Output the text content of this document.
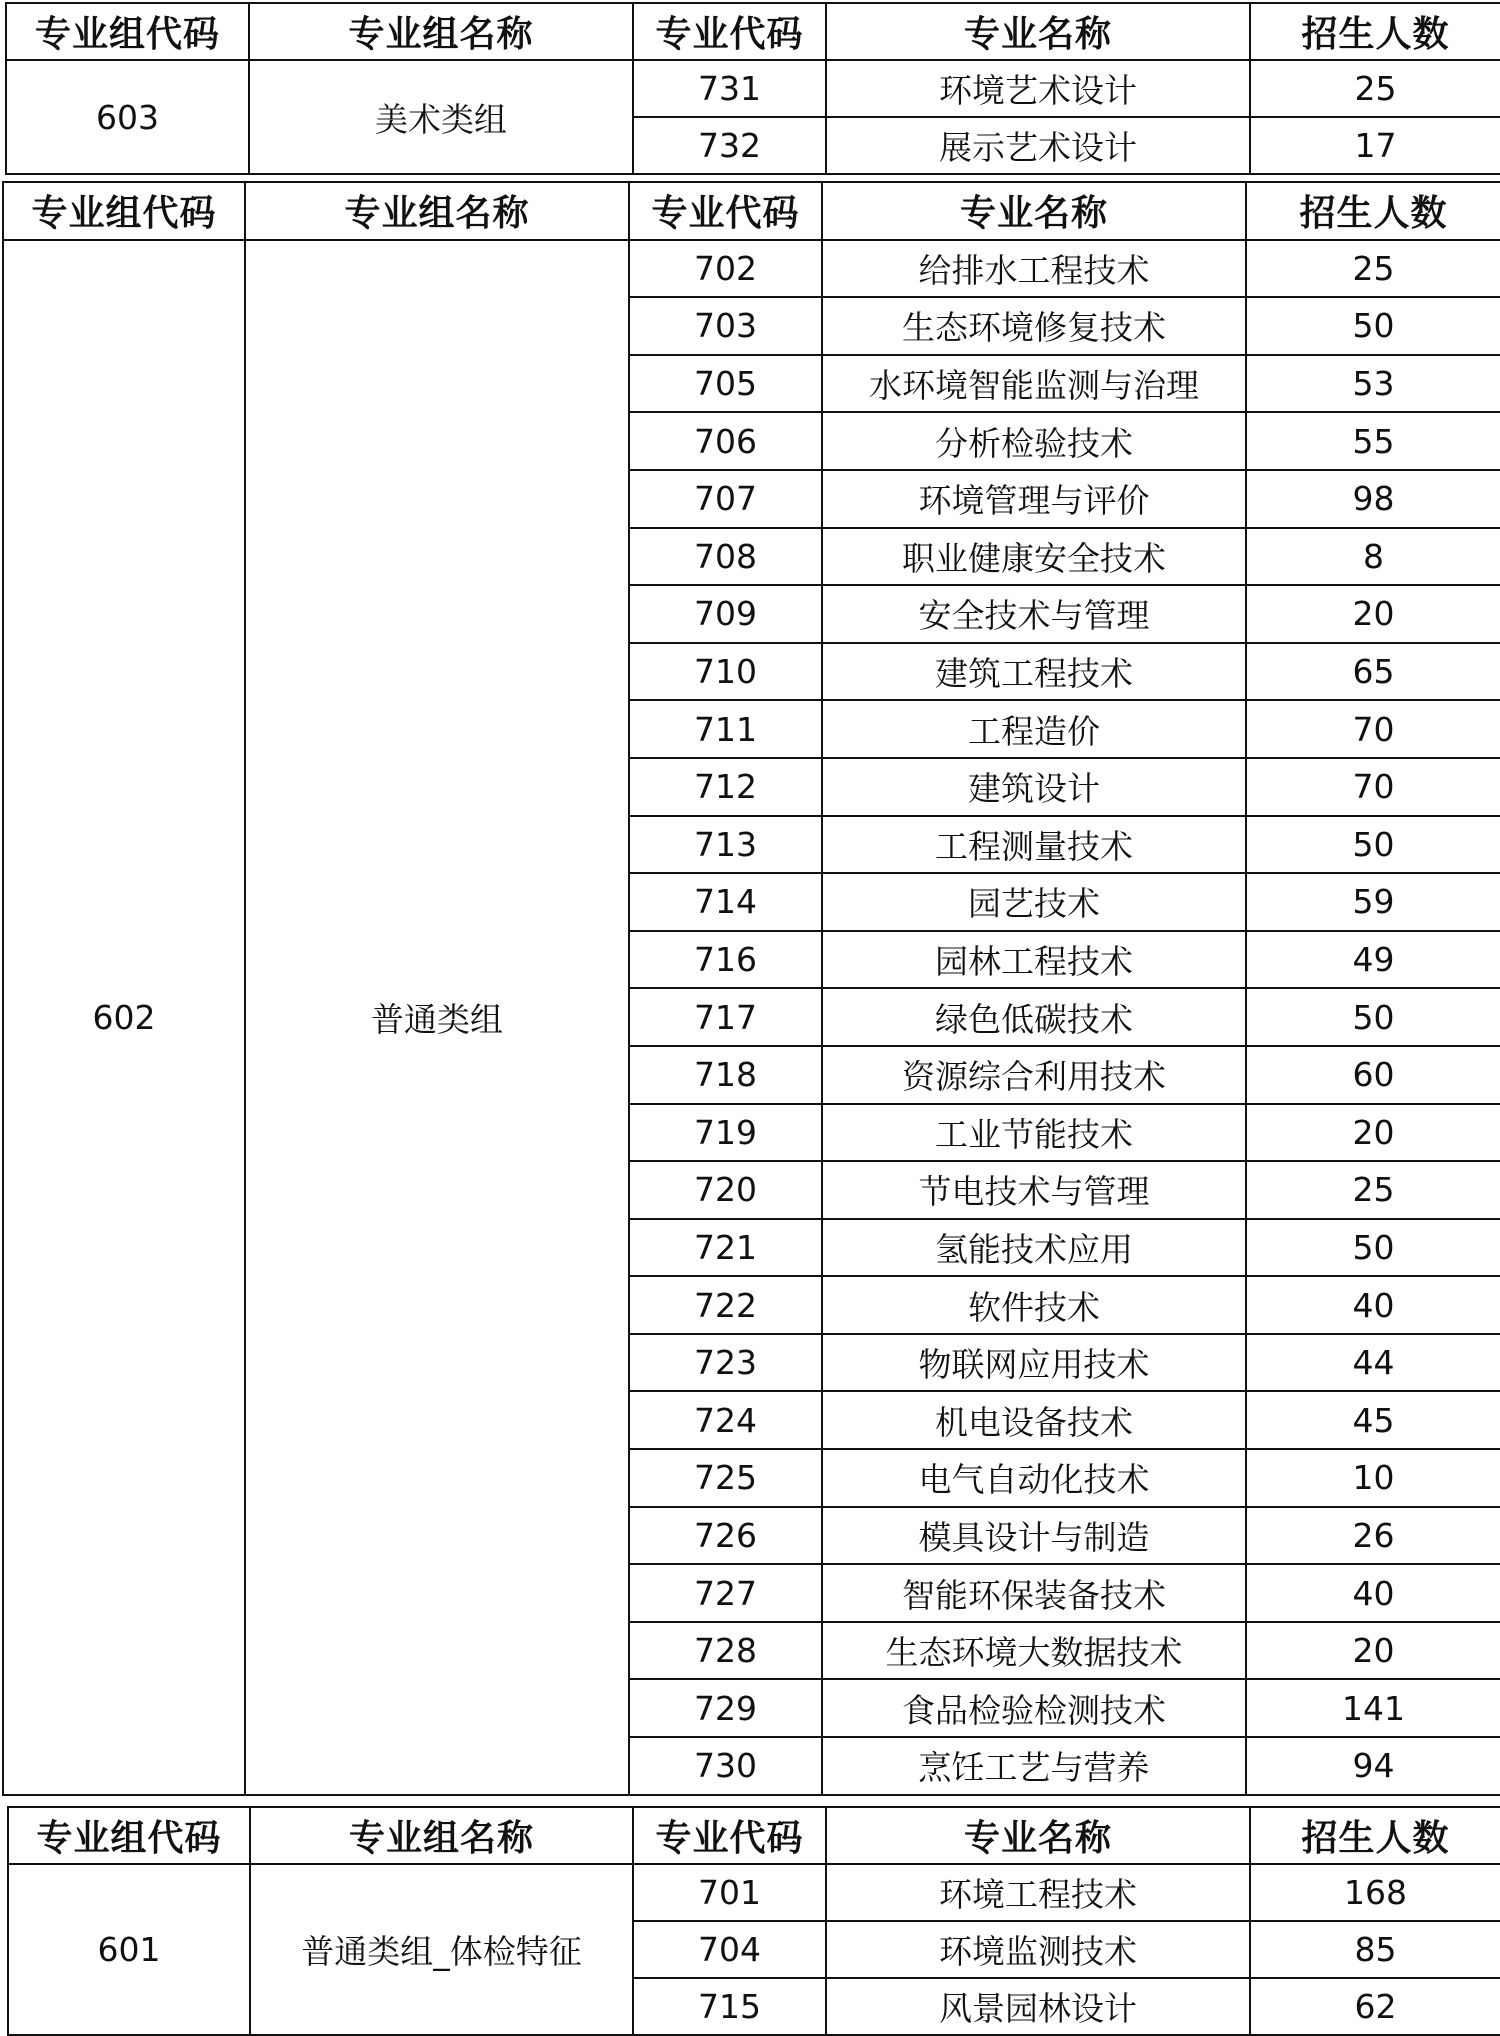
专业组代码	专业组名称	专业代码	专业名称	招生人数
603	美术类组	731	环境艺术设计	25
		732	展示艺术设计	17
专业组代码	专业组名称	专业代码	专业名称	招生人数
602	普通类组	702	给排水工程技术	25
		703	生态环境修复技术	50
		705	水环境智能监测与治理	53
		706	分析检验技术	55
		707	环境管理与评价	98
		708	职业健康安全技术	8
		709	安全技术与管理	20
		710	建筑工程技术	65
		711	工程造价	70
		712	建筑设计	70
		713	工程测量技术	50
		714	园艺技术	59
		716	园林工程技术	49
		717	绿色低碳技术	50
		718	资源综合利用技术	60
		719	工业节能技术	20
		720	节电技术与管理	25
		721	氢能技术应用	50
		722	软件技术	40
		723	物联网应用技术	44
		724	机电设备技术	45
		725	电气自动化技术	10
		726	模具设计与制造	26
		727	智能环保装备技术	40
		728	生态环境大数据技术	20
		729	食品检验检测技术	141
		730	烹饪工艺与营养	94
专业组代码	专业组名称	专业代码	专业名称	招生人数
601	普通类组_体检特征	701	环境工程技术	168
		704	环境监测技术	85
		715	风景园林设计	62
